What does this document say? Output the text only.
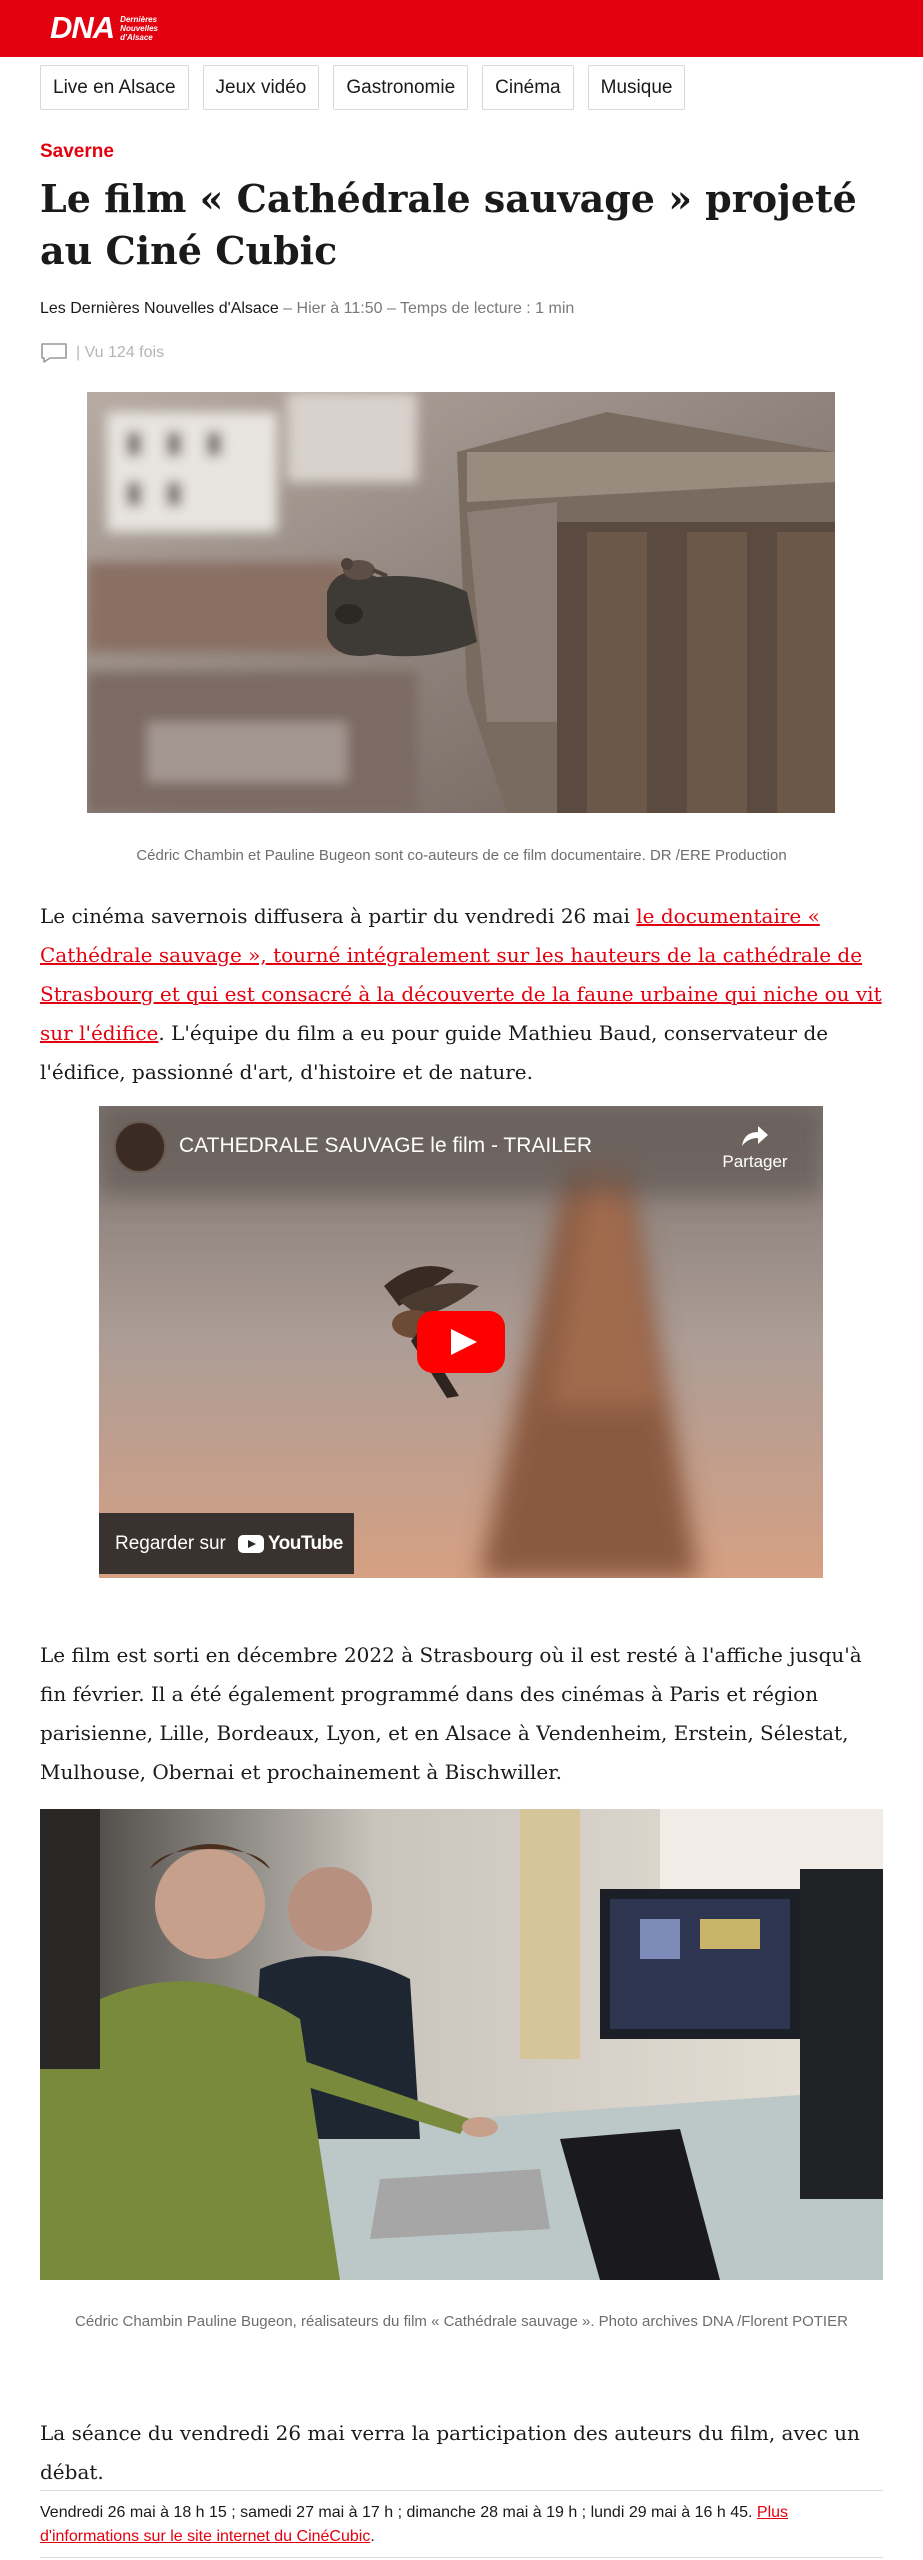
DNA Dernières
Nouvelles
d'Alsace
Live en Alsace	Jeux vidéo	Gastronomie	Cinéma	Musique
Saverne
Le film « Cathédrale sauvage » projeté au Ciné Cubic
Les Dernières Nouvelles d'Alsace – Hier à 11:50 – Temps de lecture : 1 min
| Vu 124 fois
Cédric Chambin et Pauline Bugeon sont co-auteurs de ce film documentaire. DR /ERE Production

Le cinéma savernois diffusera à partir du vendredi 26 mai le documentaire « Cathédrale sauvage », tourné intégralement sur les hauteurs de la cathédrale de Strasbourg et qui est consacré à la découverte de la faune urbaine qui niche ou vit sur l'édifice. L'équipe du film a eu pour guide Mathieu Baud, conservateur de l'édifice, passionné d'art, d'histoire et de nature.

CATHEDRALE SAUVAGE le film - TRAILER
Partager
Regarder sur YouTube

Le film est sorti en décembre 2022 à Strasbourg où il est resté à l'affiche jusqu'à fin février. Il a été également programmé dans des cinémas à Paris et région parisienne, Lille, Bordeaux, Lyon, et en Alsace à Vendenheim, Erstein, Sélestat, Mulhouse, Obernai et prochainement à Bischwiller.

Cédric Chambin Pauline Bugeon, réalisateurs du film « Cathédrale sauvage ». Photo archives DNA /Florent POTIER

La séance du vendredi 26 mai verra la participation des auteurs du film, avec un débat.

Vendredi 26 mai à 18 h 15 ; samedi 27 mai à 17 h ; dimanche 28 mai à 19 h ; lundi 29 mai à 16 h 45. Plus d'informations sur le site internet du CinéCubic.
